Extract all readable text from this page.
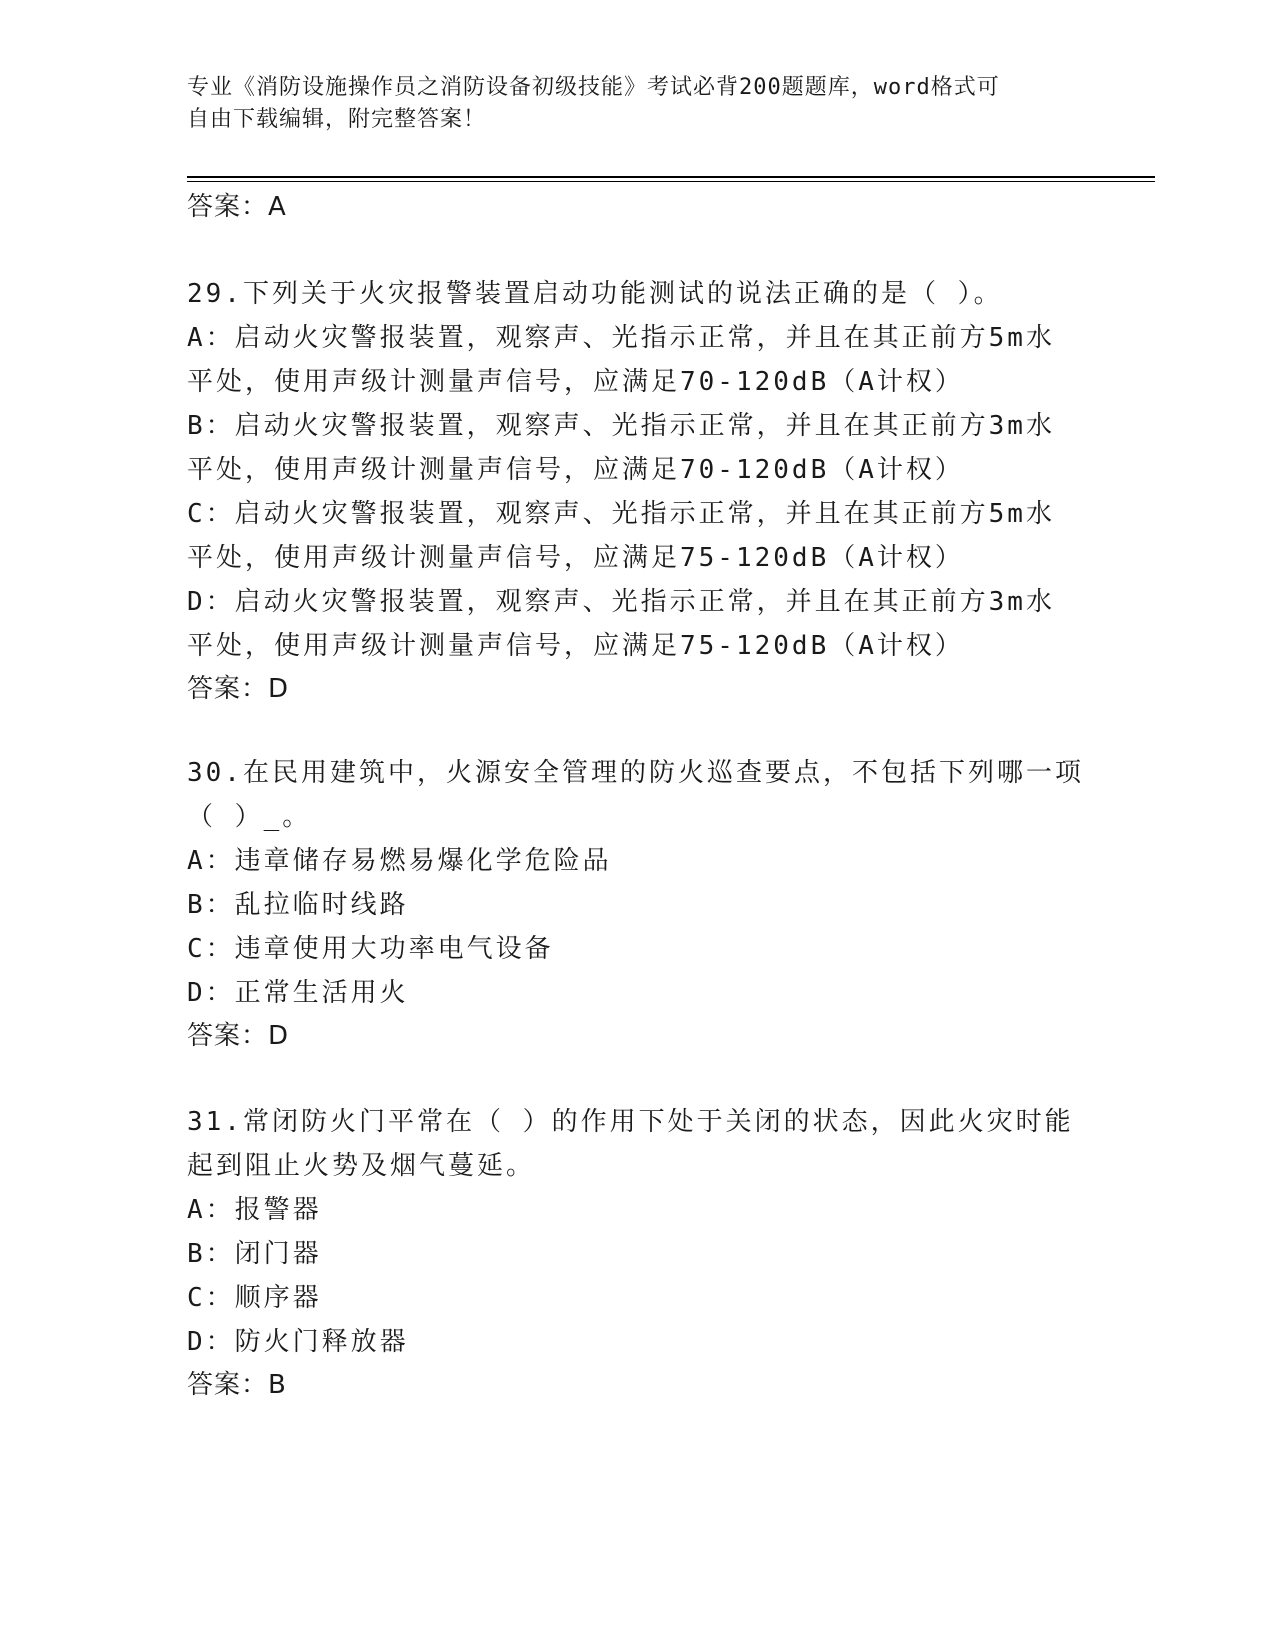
专业《消防设施操作员之消防设备初级技能》考试必背200题题库，word格式可
自由下载编辑，附完整答案！
答案：A
29.下列关于火灾报警装置启动功能测试的说法正确的是（ ）。
A：启动火灾警报装置，观察声、光指示正常，并且在其正前方5m水
平处，使用声级计测量声信号，应满足70-120dB（A计权）
B：启动火灾警报装置，观察声、光指示正常，并且在其正前方3m水
平处，使用声级计测量声信号，应满足70-120dB（A计权）
C：启动火灾警报装置，观察声、光指示正常，并且在其正前方5m水
平处，使用声级计测量声信号，应满足75-120dB（A计权）
D：启动火灾警报装置，观察声、光指示正常，并且在其正前方3m水
平处，使用声级计测量声信号，应满足75-120dB（A计权）
答案：D
30.在民用建筑中，火源安全管理的防火巡查要点，不包括下列哪一项
（ ）_。
A：违章储存易燃易爆化学危险品
B：乱拉临时线路
C：违章使用大功率电气设备
D：正常生活用火
答案：D
31.常闭防火门平常在（ ）的作用下处于关闭的状态，因此火灾时能
起到阻止火势及烟气蔓延。
A：报警器
B：闭门器
C：顺序器
D：防火门释放器
答案：B
